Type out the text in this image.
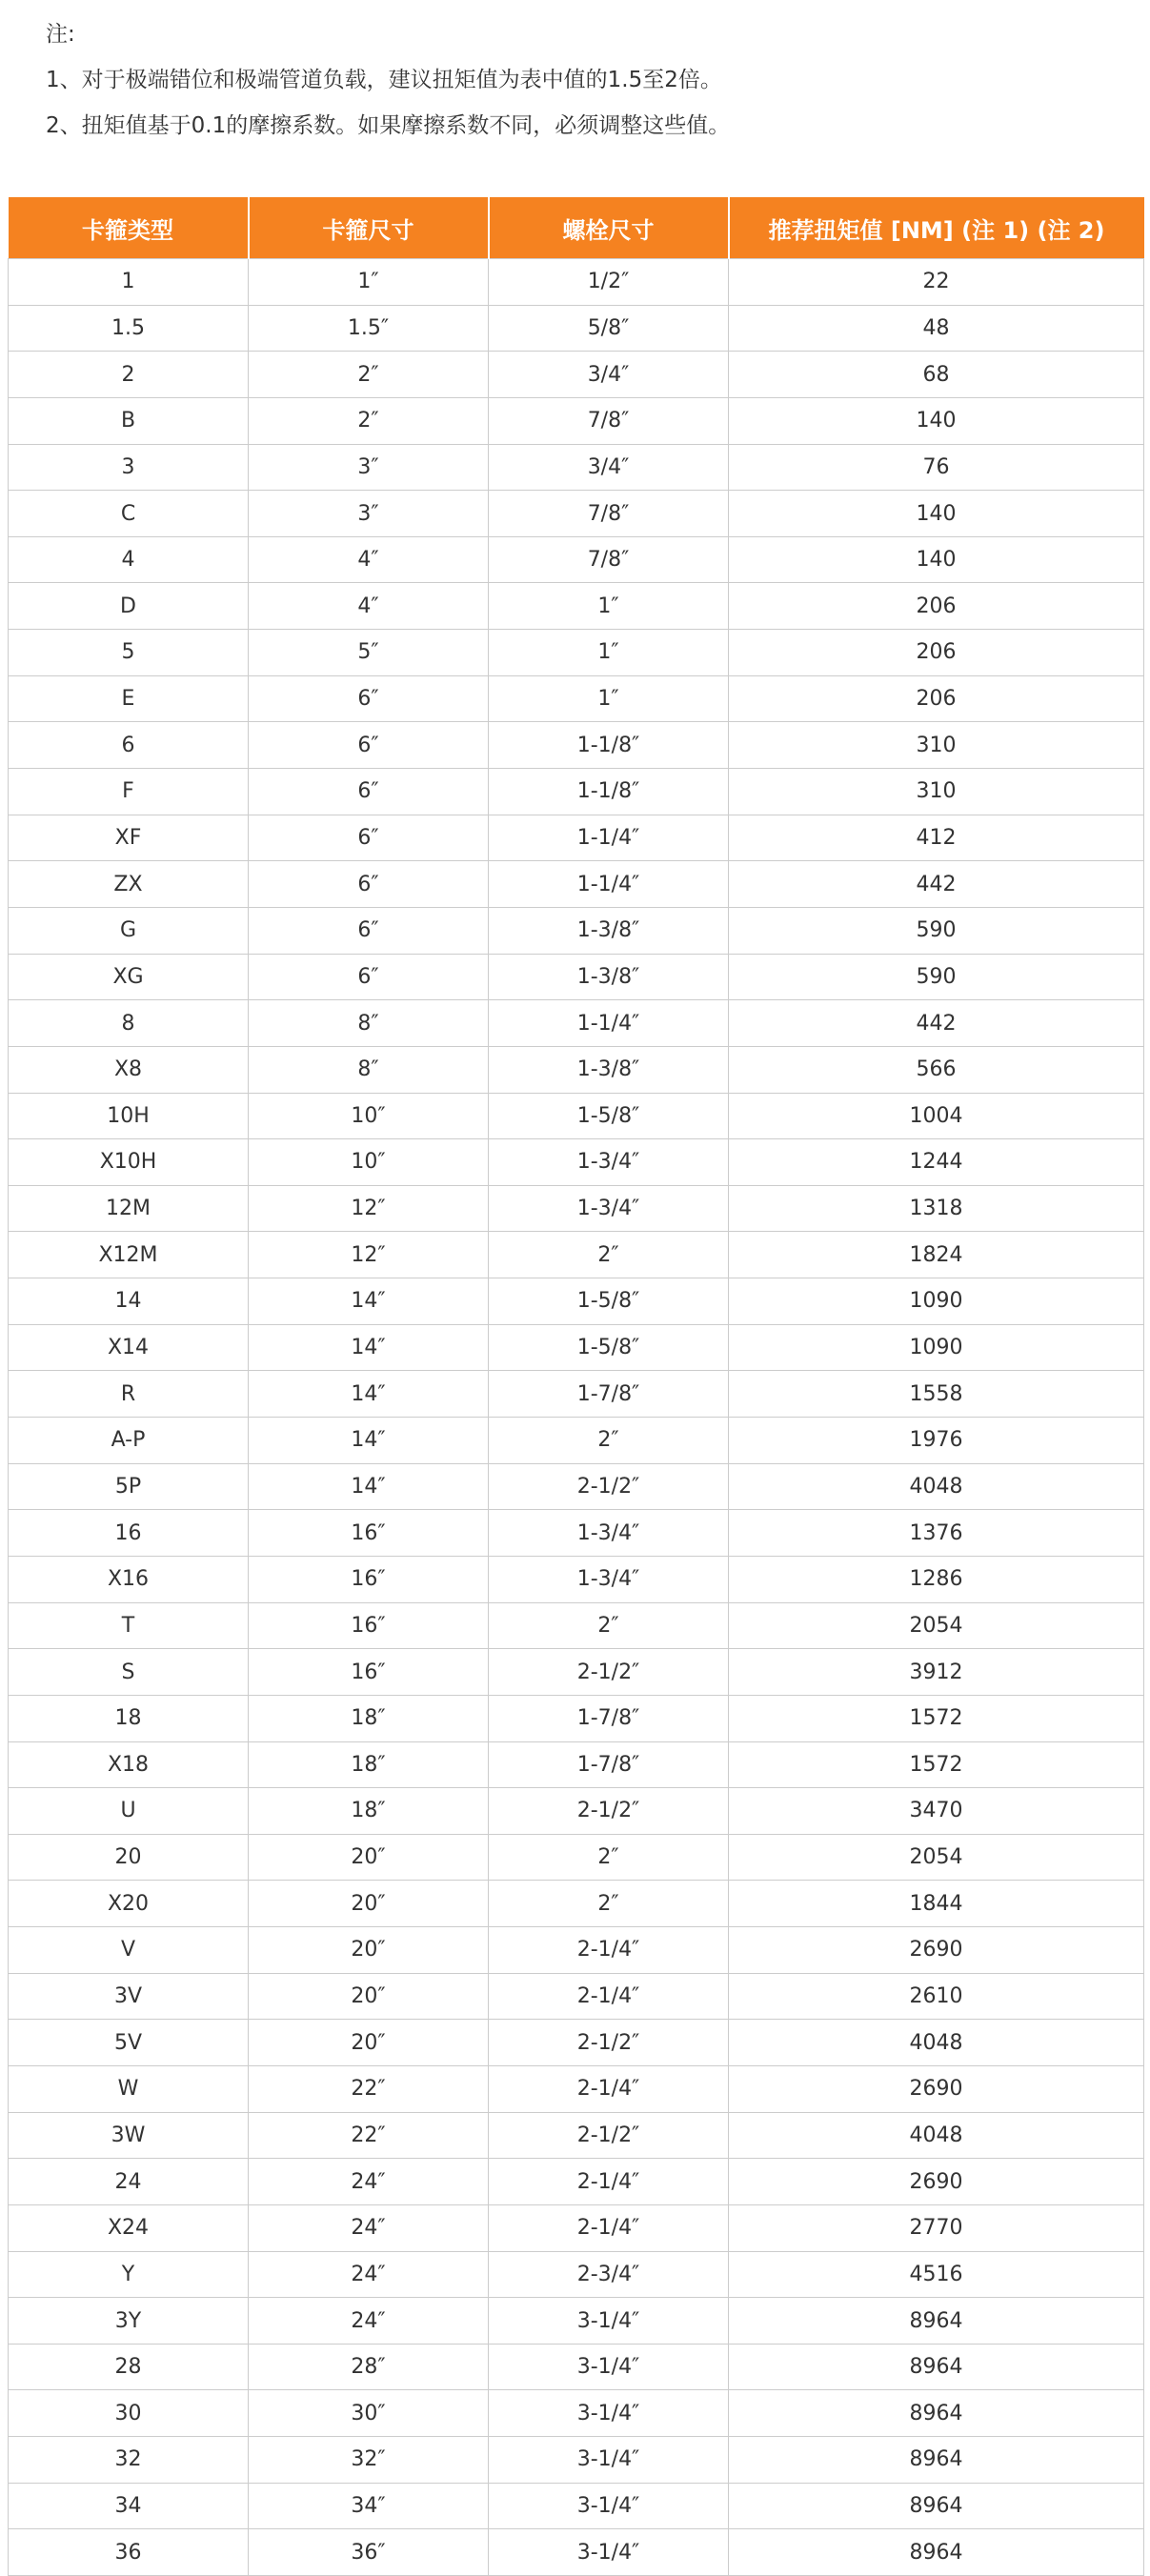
注:

1、对于极端错位和极端管道负载，建议扭矩值为表中值的1.5至2倍。

2、扭矩值基于0.1的摩擦系数。如果摩擦系数不同，必须调整这些值。

卡箍类型	卡箍尺寸	螺栓尺寸	推荐扭矩值 [NM] (注 1) (注 2)
1	1″	1/2″	22
1.5	1.5″	5/8″	48
2	2″	3/4″	68
B	2″	7/8″	140
3	3″	3/4″	76
C	3″	7/8″	140
4	4″	7/8″	140
D	4″	1″	206
5	5″	1″	206
E	6″	1″	206
6	6″	1-1/8″	310
F	6″	1-1/8″	310
XF	6″	1-1/4″	412
ZX	6″	1-1/4″	442
G	6″	1-3/8″	590
XG	6″	1-3/8″	590
8	8″	1-1/4″	442
X8	8″	1-3/8″	566
10H	10″	1-5/8″	1004
X10H	10″	1-3/4″	1244
12M	12″	1-3/4″	1318
X12M	12″	2″	1824
14	14″	1-5/8″	1090
X14	14″	1-5/8″	1090
R	14″	1-7/8″	1558
A-P	14″	2″	1976
5P	14″	2-1/2″	4048
16	16″	1-3/4″	1376
X16	16″	1-3/4″	1286
T	16″	2″	2054
S	16″	2-1/2″	3912
18	18″	1-7/8″	1572
X18	18″	1-7/8″	1572
U	18″	2-1/2″	3470
20	20″	2″	2054
X20	20″	2″	1844
V	20″	2-1/4″	2690
3V	20″	2-1/4″	2610
5V	20″	2-1/2″	4048
W	22″	2-1/4″	2690
3W	22″	2-1/2″	4048
24	24″	2-1/4″	2690
X24	24″	2-1/4″	2770
Y	24″	2-3/4″	4516
3Y	24″	3-1/4″	8964
28	28″	3-1/4″	8964
30	30″	3-1/4″	8964
32	32″	3-1/4″	8964
34	34″	3-1/4″	8964
36	36″	3-1/4″	8964
